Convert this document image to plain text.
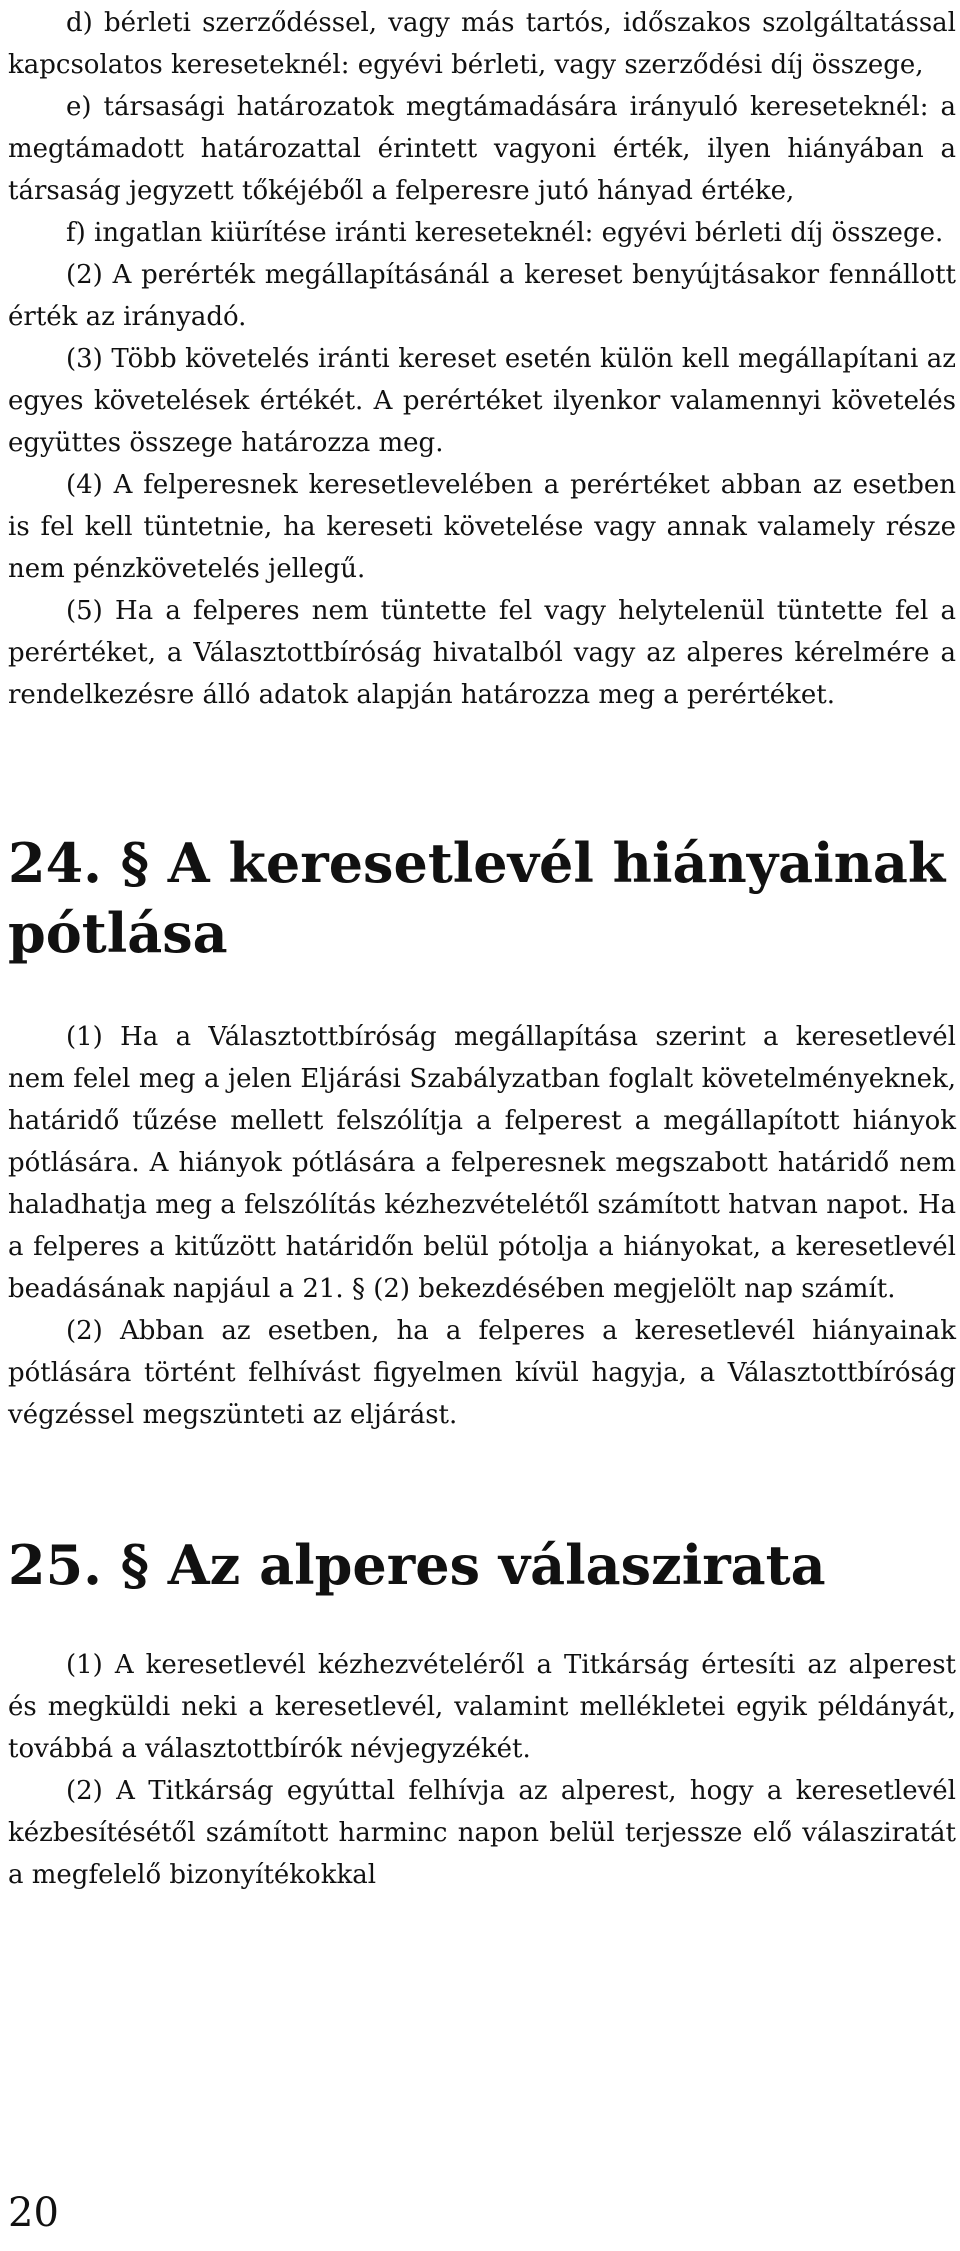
d) bérleti szerződéssel, vagy más tartós, időszakos szolgáltatással kapcsolatos kereseteknél: egyévi bérleti, vagy szerződési díj összege,

e) társasági határozatok megtámadására irányuló kereseteknél: a megtámadott határozattal érintett vagyoni érték, ilyen hiányában a társaság jegyzett tőkéjéből a felperesre jutó hányad értéke,

f) ingatlan kiürítése iránti kereseteknél: egyévi bérleti díj összege.

(2) A perérték megállapításánál a kereset benyújtásakor fennállott érték az irányadó.

(3) Több követelés iránti kereset esetén külön kell megállapítani az egyes követelések értékét. A perértéket ilyenkor valamennyi követelés együttes összege határozza meg.

(4) A felperesnek keresetlevelében a perértéket abban az esetben is fel kell tüntetnie, ha kereseti követelése vagy annak valamely része nem pénzkövetelés jellegű.

(5) Ha a felperes nem tüntette fel vagy helytelenül tüntette fel a perértéket, a Választottbíróság hivatalból vagy az alperes kérelmére a rendelkezésre álló adatok alapján határozza meg a perértéket.

24. § A keresetlevél hiányainak pótlása

(1) Ha a Választottbíróság megállapítása szerint a keresetlevél nem felel meg a jelen Eljárási Szabályzatban foglalt követelményeknek, határidő tűzése mellett felszólítja a felperest a megállapított hiányok pótlására. A hiányok pótlására a felperesnek megszabott határidő nem haladhatja meg a felszólítás kézhezvételétől számított hatvan napot. Ha a felperes a kitűzött határidőn belül pótolja a hiányokat, a keresetlevél beadásának napjául a 21. § (2) bekezdésében megjelölt nap számít.

(2) Abban az esetben, ha a felperes a keresetlevél hiányainak pótlására történt felhívást figyelmen kívül hagyja, a Választottbíróság végzéssel megszünteti az eljárást.

25. § Az alperes válaszirata

(1) A keresetlevél kézhezvételéről a Titkárság értesíti az alperest és megküldi neki a keresetlevél, valamint mellékletei egyik példányát, továbbá a választottbírók névjegyzékét.

(2) A Titkárság egyúttal felhívja az alperest, hogy a keresetlevél kézbesítésétől számított harminc napon belül terjessze elő válasziratát a megfelelő bizonyítékokkal

20
